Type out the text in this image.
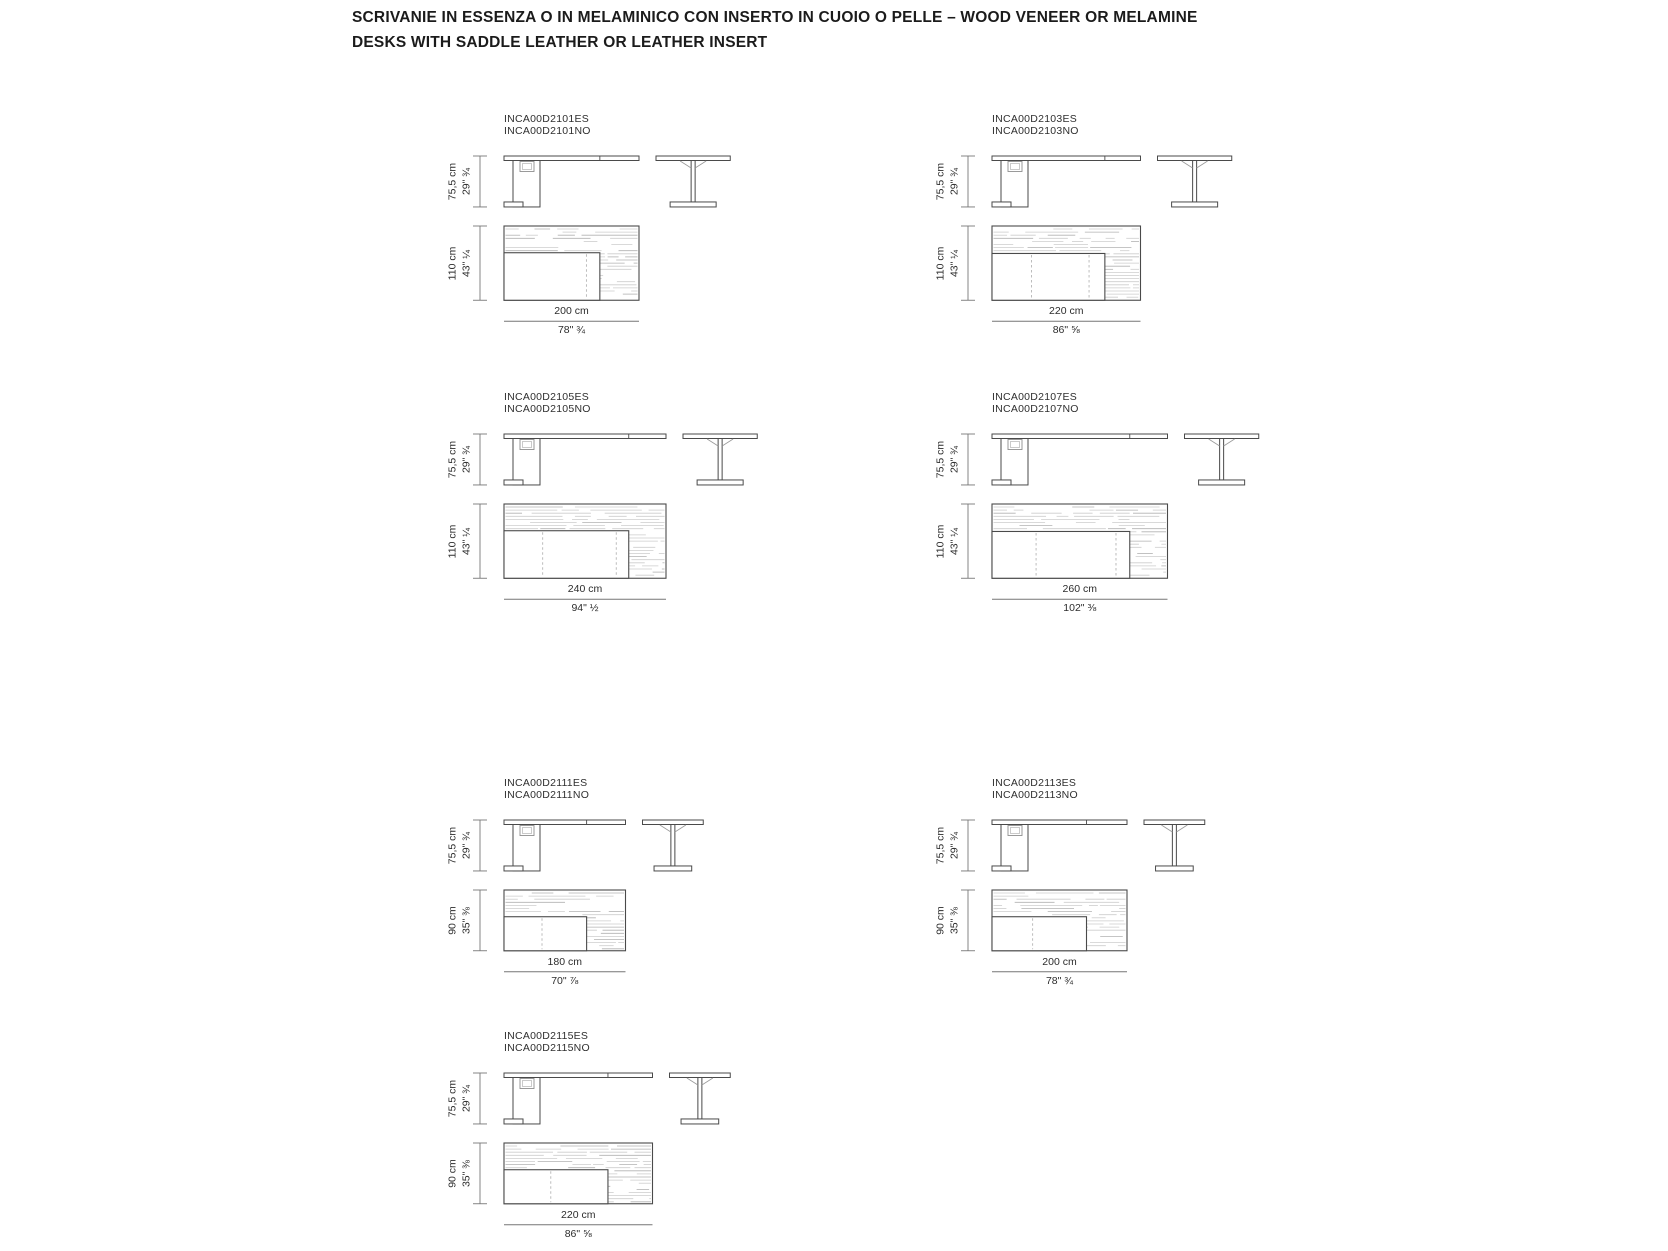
SCRIVANIE IN ESSENZA O IN MELAMINICO CON INSERTO IN CUOIO O PELLE – WOOD VENEER OR MELAMINE
DESKS WITH SADDLE LEATHER OR LEATHER INSERT
INCA00D2101ES
INCA00D2101NO
75,5 cm 29" ¾
110 cm 43" ¼
200 cm
78" ¾
INCA00D2103ES
INCA00D2103NO
75,5 cm 29" ¾
110 cm 43" ¼
220 cm
86" ⅝
INCA00D2105ES
INCA00D2105NO
75,5 cm 29" ¾
110 cm 43" ¼
240 cm
94" ½
INCA00D2107ES
INCA00D2107NO
75,5 cm 29" ¾
110 cm 43" ¼
260 cm
102" ⅜
INCA00D2111ES
INCA00D2111NO
75,5 cm 29" ¾
90 cm 35" ⅜
180 cm
70" ⅞
INCA00D2113ES
INCA00D2113NO
75,5 cm 29" ¾
90 cm 35" ⅜
200 cm
78" ¾
INCA00D2115ES
INCA00D2115NO
75,5 cm 29" ¾
90 cm 35" ⅜
220 cm
86" ⅝
